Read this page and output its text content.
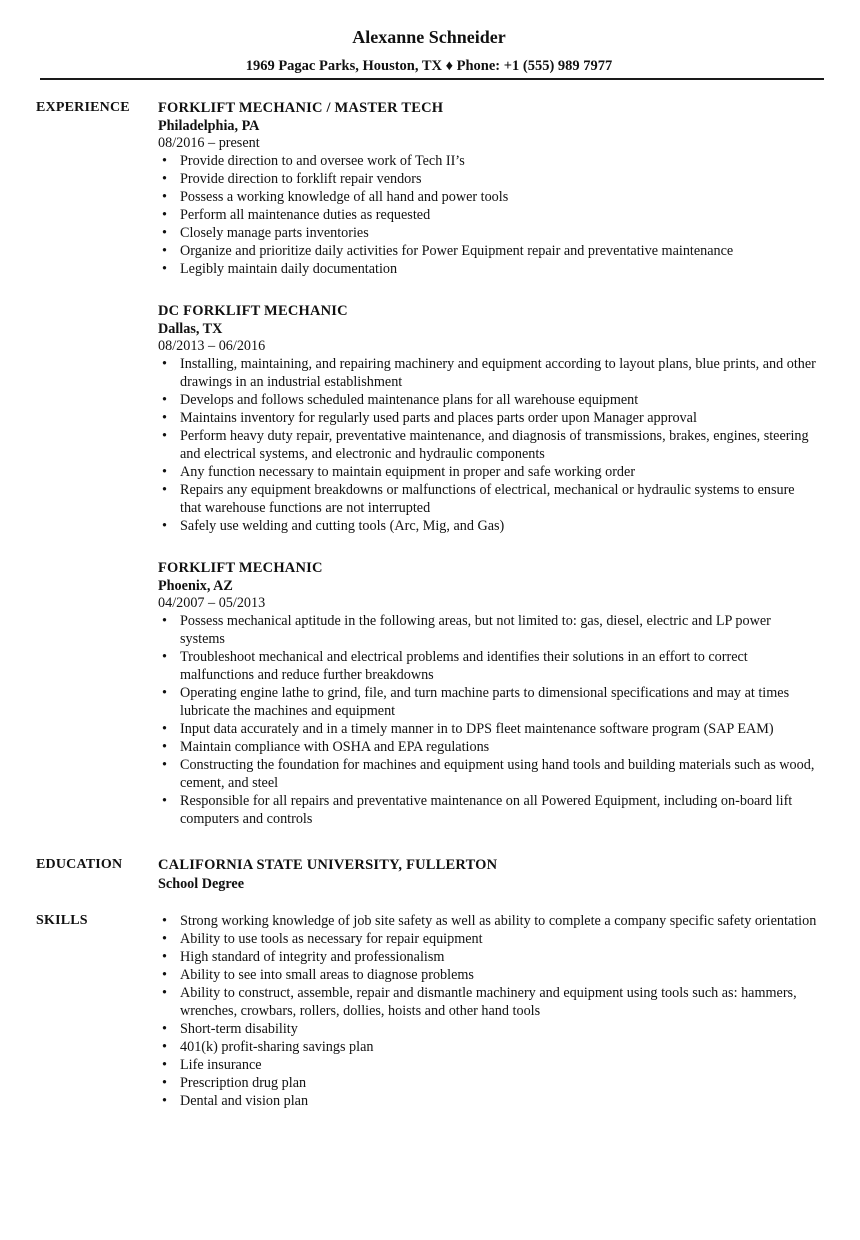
Alexanne Schneider
1969 Pagac Parks, Houston, TX ♦ Phone: +1 (555) 989 7977
EXPERIENCE	FORKLIFT MECHANIC / MASTER TECH
Philadelphia, PA
08/2016 – present
• Provide direction to and oversee work of Tech II’s
• Provide direction to forklift repair vendors
• Possess a working knowledge of all hand and power tools
• Perform all maintenance duties as requested
• Closely manage parts inventories
• Organize and prioritize daily activities for Power Equipment repair and preventative maintenance
• Legibly maintain daily documentation
DC FORKLIFT MECHANIC
Dallas, TX
08/2013 – 06/2016
• Installing, maintaining, and repairing machinery and equipment according to layout plans, blue prints, and other drawings in an industrial establishment
• Develops and follows scheduled maintenance plans for all warehouse equipment
• Maintains inventory for regularly used parts and places parts order upon Manager approval
• Perform heavy duty repair, preventative maintenance, and diagnosis of transmissions, brakes, engines, steering and electrical systems, and electronic and hydraulic components
• Any function necessary to maintain equipment in proper and safe working order
• Repairs any equipment breakdowns or malfunctions of electrical, mechanical or hydraulic systems to ensure that warehouse functions are not interrupted
• Safely use welding and cutting tools (Arc, Mig, and Gas)
FORKLIFT MECHANIC
Phoenix, AZ
04/2007 – 05/2013
• Possess mechanical aptitude in the following areas, but not limited to: gas, diesel, electric and LP power systems
• Troubleshoot mechanical and electrical problems and identifies their solutions in an effort to correct malfunctions and reduce further breakdowns
• Operating engine lathe to grind, file, and turn machine parts to dimensional specifications and may at times lubricate the machines and equipment
• Input data accurately and in a timely manner in to DPS fleet maintenance software program (SAP EAM)
• Maintain compliance with OSHA and EPA regulations
• Constructing the foundation for machines and equipment using hand tools and building materials such as wood, cement, and steel
• Responsible for all repairs and preventative maintenance on all Powered Equipment, including on-board lift computers and controls
EDUCATION	CALIFORNIA STATE UNIVERSITY, FULLERTON
School Degree
SKILLS
•	Strong working knowledge of job site safety as well as ability to complete a company specific safety orientation
• Ability to use tools as necessary for repair equipment
• High standard of integrity and professionalism
• Ability to see into small areas to diagnose problems
• Ability to construct, assemble, repair and dismantle machinery and equipment using tools such as: hammers, wrenches, crowbars, rollers, dollies, hoists and other hand tools
• Short-term disability
• 401(k) profit-sharing savings plan
• Life insurance
• Prescription drug plan
• Dental and vision plan
